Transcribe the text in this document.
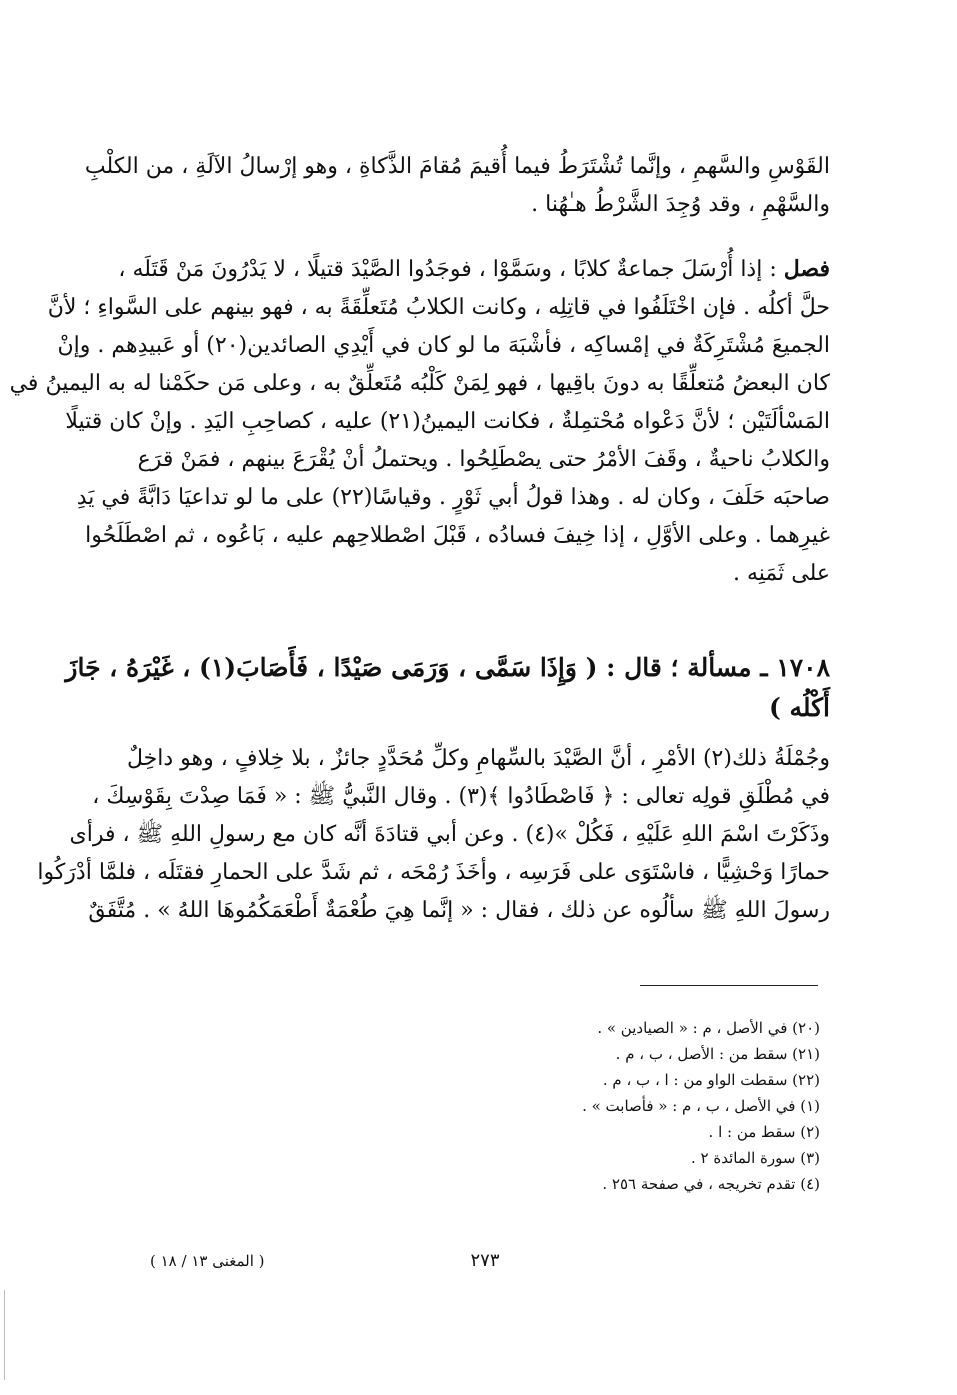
القَوْسِ والسَّهمِ ، وإنَّما تُشْتَرَطُ فيما أُقيمَ مُقامَ الذَّكاةِ ، وهو إرْسالُ الآلَةِ ، من الكلْبِ
والسَّهْمِ ، وقد وُجِدَ الشَّرْطُ هـٰهُنا .
فصل : إذا أُرْسَلَ جماعةٌ كلابًا ، وسَمَّوْا ، فوجَدُوا الصَّيْدَ قتيلًا ، لا يَدْرُونَ مَنْ قَتَلَه ،
حلَّ أكلُه . فإن اخْتَلَفُوا في قاتِلِه ، وكانت الكلابُ مُتَعلِّقَةً به ، فهو بينهم على السَّواءِ ؛ لأنَّ
الجميعَ مُشْتَرِكَةٌ في إمْساكِه ، فأشْبَهَ ما لو كان في أَيْدِي الصائدين(٢٠) أو عَبيدِهم . وإنْ
كان البعضُ مُتعلِّقًا به دونَ باقِيها ، فهو لِمَنْ كَلْبُه مُتَعلِّقٌ به ، وعلى مَن حكَمْنا له به اليمينُ في
المَسْألَتَيْن ؛ لأنَّ دَعْواه مُحْتمِلةٌ ، فكانت اليمينُ(٢١) عليه ، كصاحِبِ اليَدِ . وإنْ كان قتيلًا
والكلابُ ناحيةٌ ، وقَفَ الأمْرُ حتى يصْطَلِحُوا . ويحتملُ أنْ يُقْرَعَ بينهم ، فمَنْ قرَع
صاحبَه حَلَفَ ، وكان له . وهذا قولُ أبي ثَوْرٍ . وقياسًا(٢٢) على ما لو تداعيَا دَابَّةً في يَدِ
غيرِهما . وعلى الأوَّلِ ، إذا خِيفَ فسادُه ، قَبْلَ اصْطلاحِهم عليه ، بَاعُوه ، ثم اصْطَلَحُوا
على ثَمَنِه .
١٧٠٨ ـ مسألة ؛ قال : ( وَإِذَا سَمَّى ، وَرَمَى صَيْدًا ، فَأَصَابَ(١) ، غَيْرَهُ ، جَازَ
أَكْلُه )
وجُمْلَةُ ذلك(٢) الأمْرِ ، أنَّ الصَّيْدَ بالسِّهامِ وكلِّ مُحَدَّدٍ جائزٌ ، بلا خِلافٍ ، وهو داخِلٌ
في مُطْلَقِ قولِه تعالى : ﴿ فَاصْطَادُوا ﴾(٣) . وقال النَّبيُّ ﷺ : « فَمَا صِدْتَ بِقَوْسِكَ ،
وذَكَرْتَ اسْمَ اللهِ عَلَيْهِ ، فَكُلْ »(٤) . وعن أبي قتادَةَ أنَّه كان مع رسولِ اللهِ ﷺ ، فرأى
حمارًا وَحْشِيًّا ، فاسْتَوَى على فَرَسِه ، وأخَذَ رُمْحَه ، ثم شَدَّ على الحمارِ فقتَلَه ، فلمَّا أدْرَكُوا
رسولَ اللهِ ﷺ سألُوه عن ذلك ، فقال : « إنَّما هِيَ طُعْمَةٌ أَطْعَمَكُمُوهَا اللهُ » . مُتَّفَقٌ
(٢٠) في الأصل ، م : « الصيادين » .
(٢١) سقط من : الأصل ، ب ، م .
(٢٢) سقطت الواو من : ا ، ب ، م .
(١) في الأصل ، ب ، م : « فأصابت » .
(٢) سقط من : ا .
(٣) سورة المائدة ٢ .
(٤) تقدم تخريجه ، في صفحة ٢٥٦ .
٢٧٣
( المغنى ١٣ / ١٨ )
